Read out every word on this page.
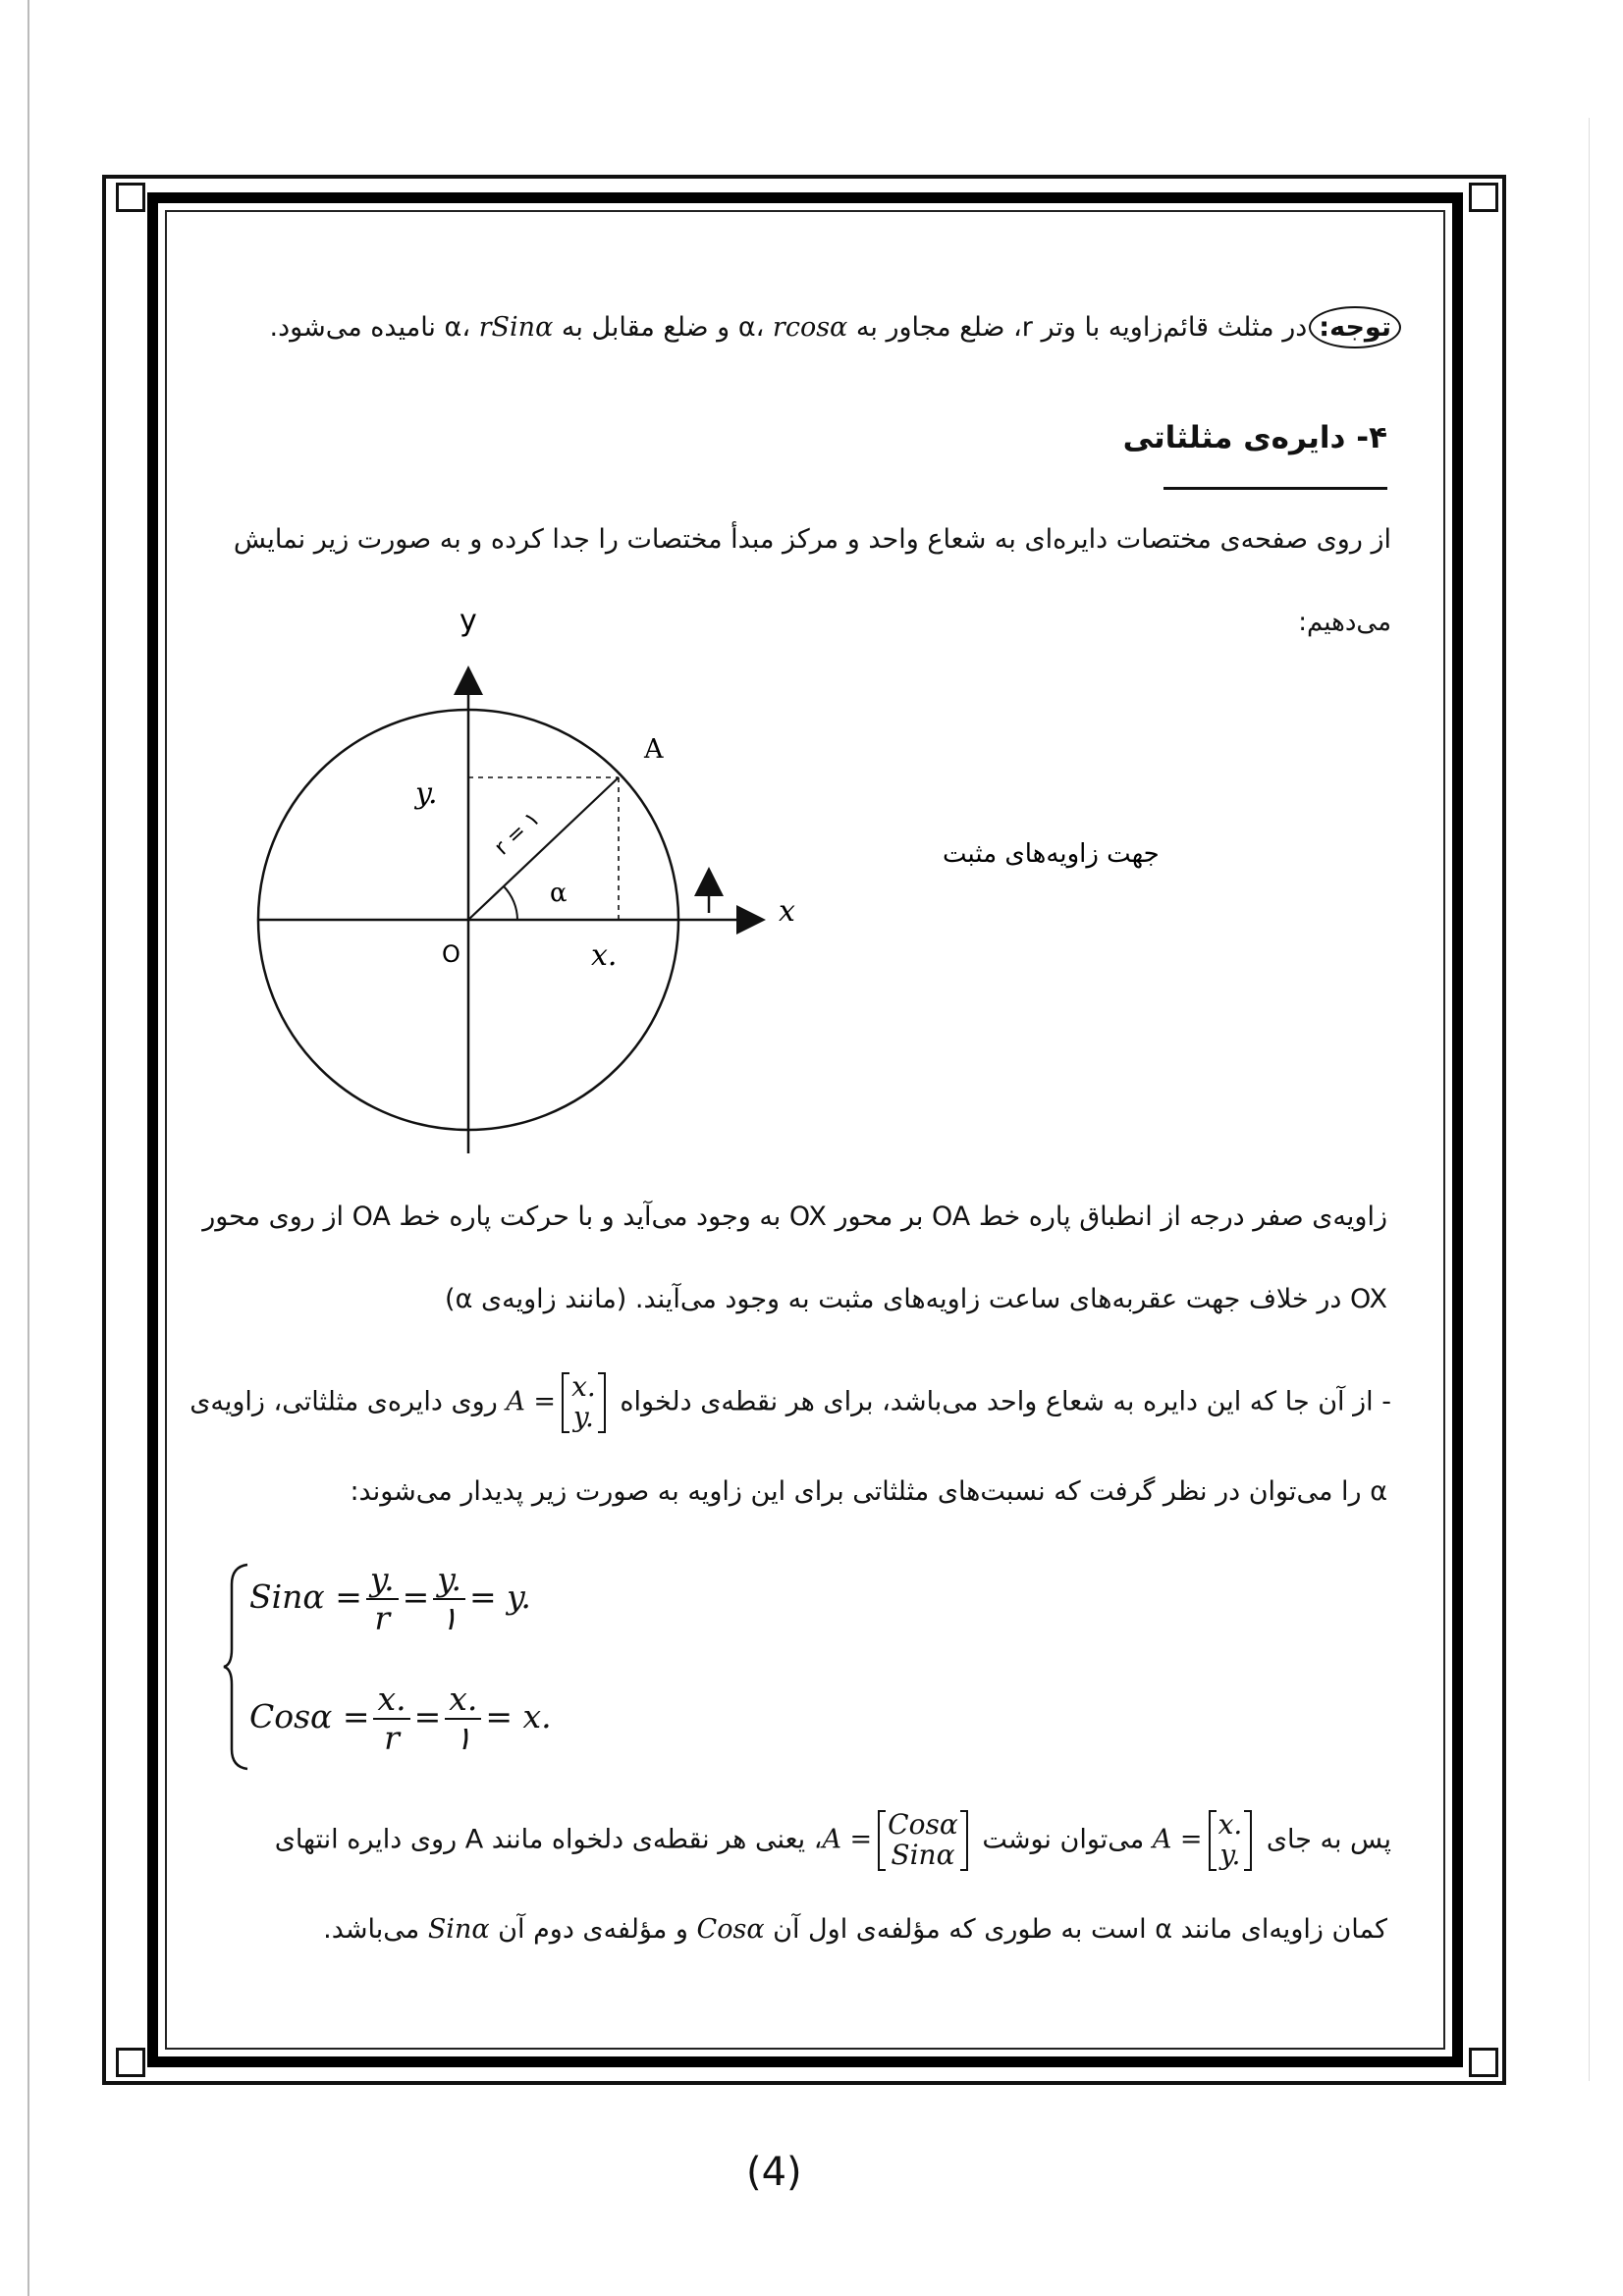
توجه:در مثلث قائم‌زاویه با وتر r، ضلع مجاور به α، rcosα و ضلع مقابل به α، rSinα نامیده می‌شود.
۴- دایره‌ی مثلثاتی
از روی صفحه‌ی مختصات دایره‌ای به شعاع واحد و مرکز مبدأ مختصات را جدا کرده و به صورت زیر نمایش
می‌دهیم:
y
x
O
A
y.
x.
r = ۱
α
جهت زاویه‌های مثبت
زاویه‌ی صفر درجه از انطباق پاره خط OA بر محور OX به وجود می‌آید و با حرکت پاره خط OA از روی محور
OX در خلاف جهت عقربه‌های ساعت زاویه‌های مثبت به وجود می‌آیند. (مانند زاویه‌ی α)
- از آن جا که این دایره به شعاع واحد می‌باشد، برای هر نقطه‌ی دلخواه A = x.
y.
روی دایره‌ی مثلثاتی، زاویه‌ی
α را می‌توان در نظر گرفت که نسبت‌های مثلثاتی برای این زاویه به صورت زیر پدیدار می‌شوند:
$Sin\alpha = \frac{y.}{r} = \frac{y.}{۱} = y$.
$Cos\alpha = \frac{x.}{r} = \frac{x.}{۱} = x$.
پس به جای A = x.
y.
می‌توان نوشت A = Cosα
Sinα
، یعنی هر نقطه‌ی دلخواه مانند A روی دایره انتهای
کمان زاویه‌ای مانند α است به طوری که مؤلفه‌ی اول آن Cosα و مؤلفه‌ی دوم آن Sinα می‌باشد.
(4)
